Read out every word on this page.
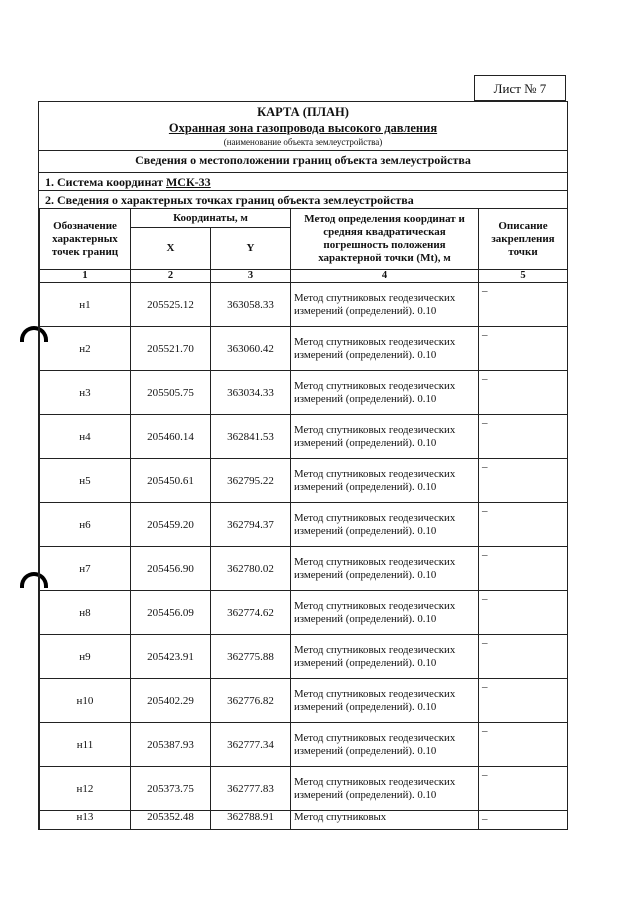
Лист № 7
КАРТА (ПЛАН)
Охранная зона газопровода высокого давления
(наименование объекта землеустройства)
Сведения о местоположении границ объекта землеустройства
1. Система координат МСК-33
2. Сведения о характерных точках границ объекта землеустройства
Обозначение характерных точек границ	Координаты, м		Метод определения координат и средняя квадратическая погрешность положения характерной точки (Mt), м	Описание закрепления точки
	X	Y		
1	2	3	4	5
н1	205525.12	363058.33	Метод спутниковых геодезических измерений (определений). 0.10	–
н2	205521.70	363060.42	Метод спутниковых геодезических измерений (определений). 0.10	–
н3	205505.75	363034.33	Метод спутниковых геодезических измерений (определений). 0.10	–
н4	205460.14	362841.53	Метод спутниковых геодезических измерений (определений). 0.10	–
н5	205450.61	362795.22	Метод спутниковых геодезических измерений (определений). 0.10	–
н6	205459.20	362794.37	Метод спутниковых геодезических измерений (определений). 0.10	–
н7	205456.90	362780.02	Метод спутниковых геодезических измерений (определений). 0.10	–
н8	205456.09	362774.62	Метод спутниковых геодезических измерений (определений). 0.10	–
н9	205423.91	362775.88	Метод спутниковых геодезических измерений (определений). 0.10	–
н10	205402.29	362776.82	Метод спутниковых геодезических измерений (определений). 0.10	–
н11	205387.93	362777.34	Метод спутниковых геодезических измерений (определений). 0.10	–
н12	205373.75	362777.83	Метод спутниковых геодезических измерений (определений). 0.10	–
н13	205352.48	362788.91	Метод спутниковых	–
